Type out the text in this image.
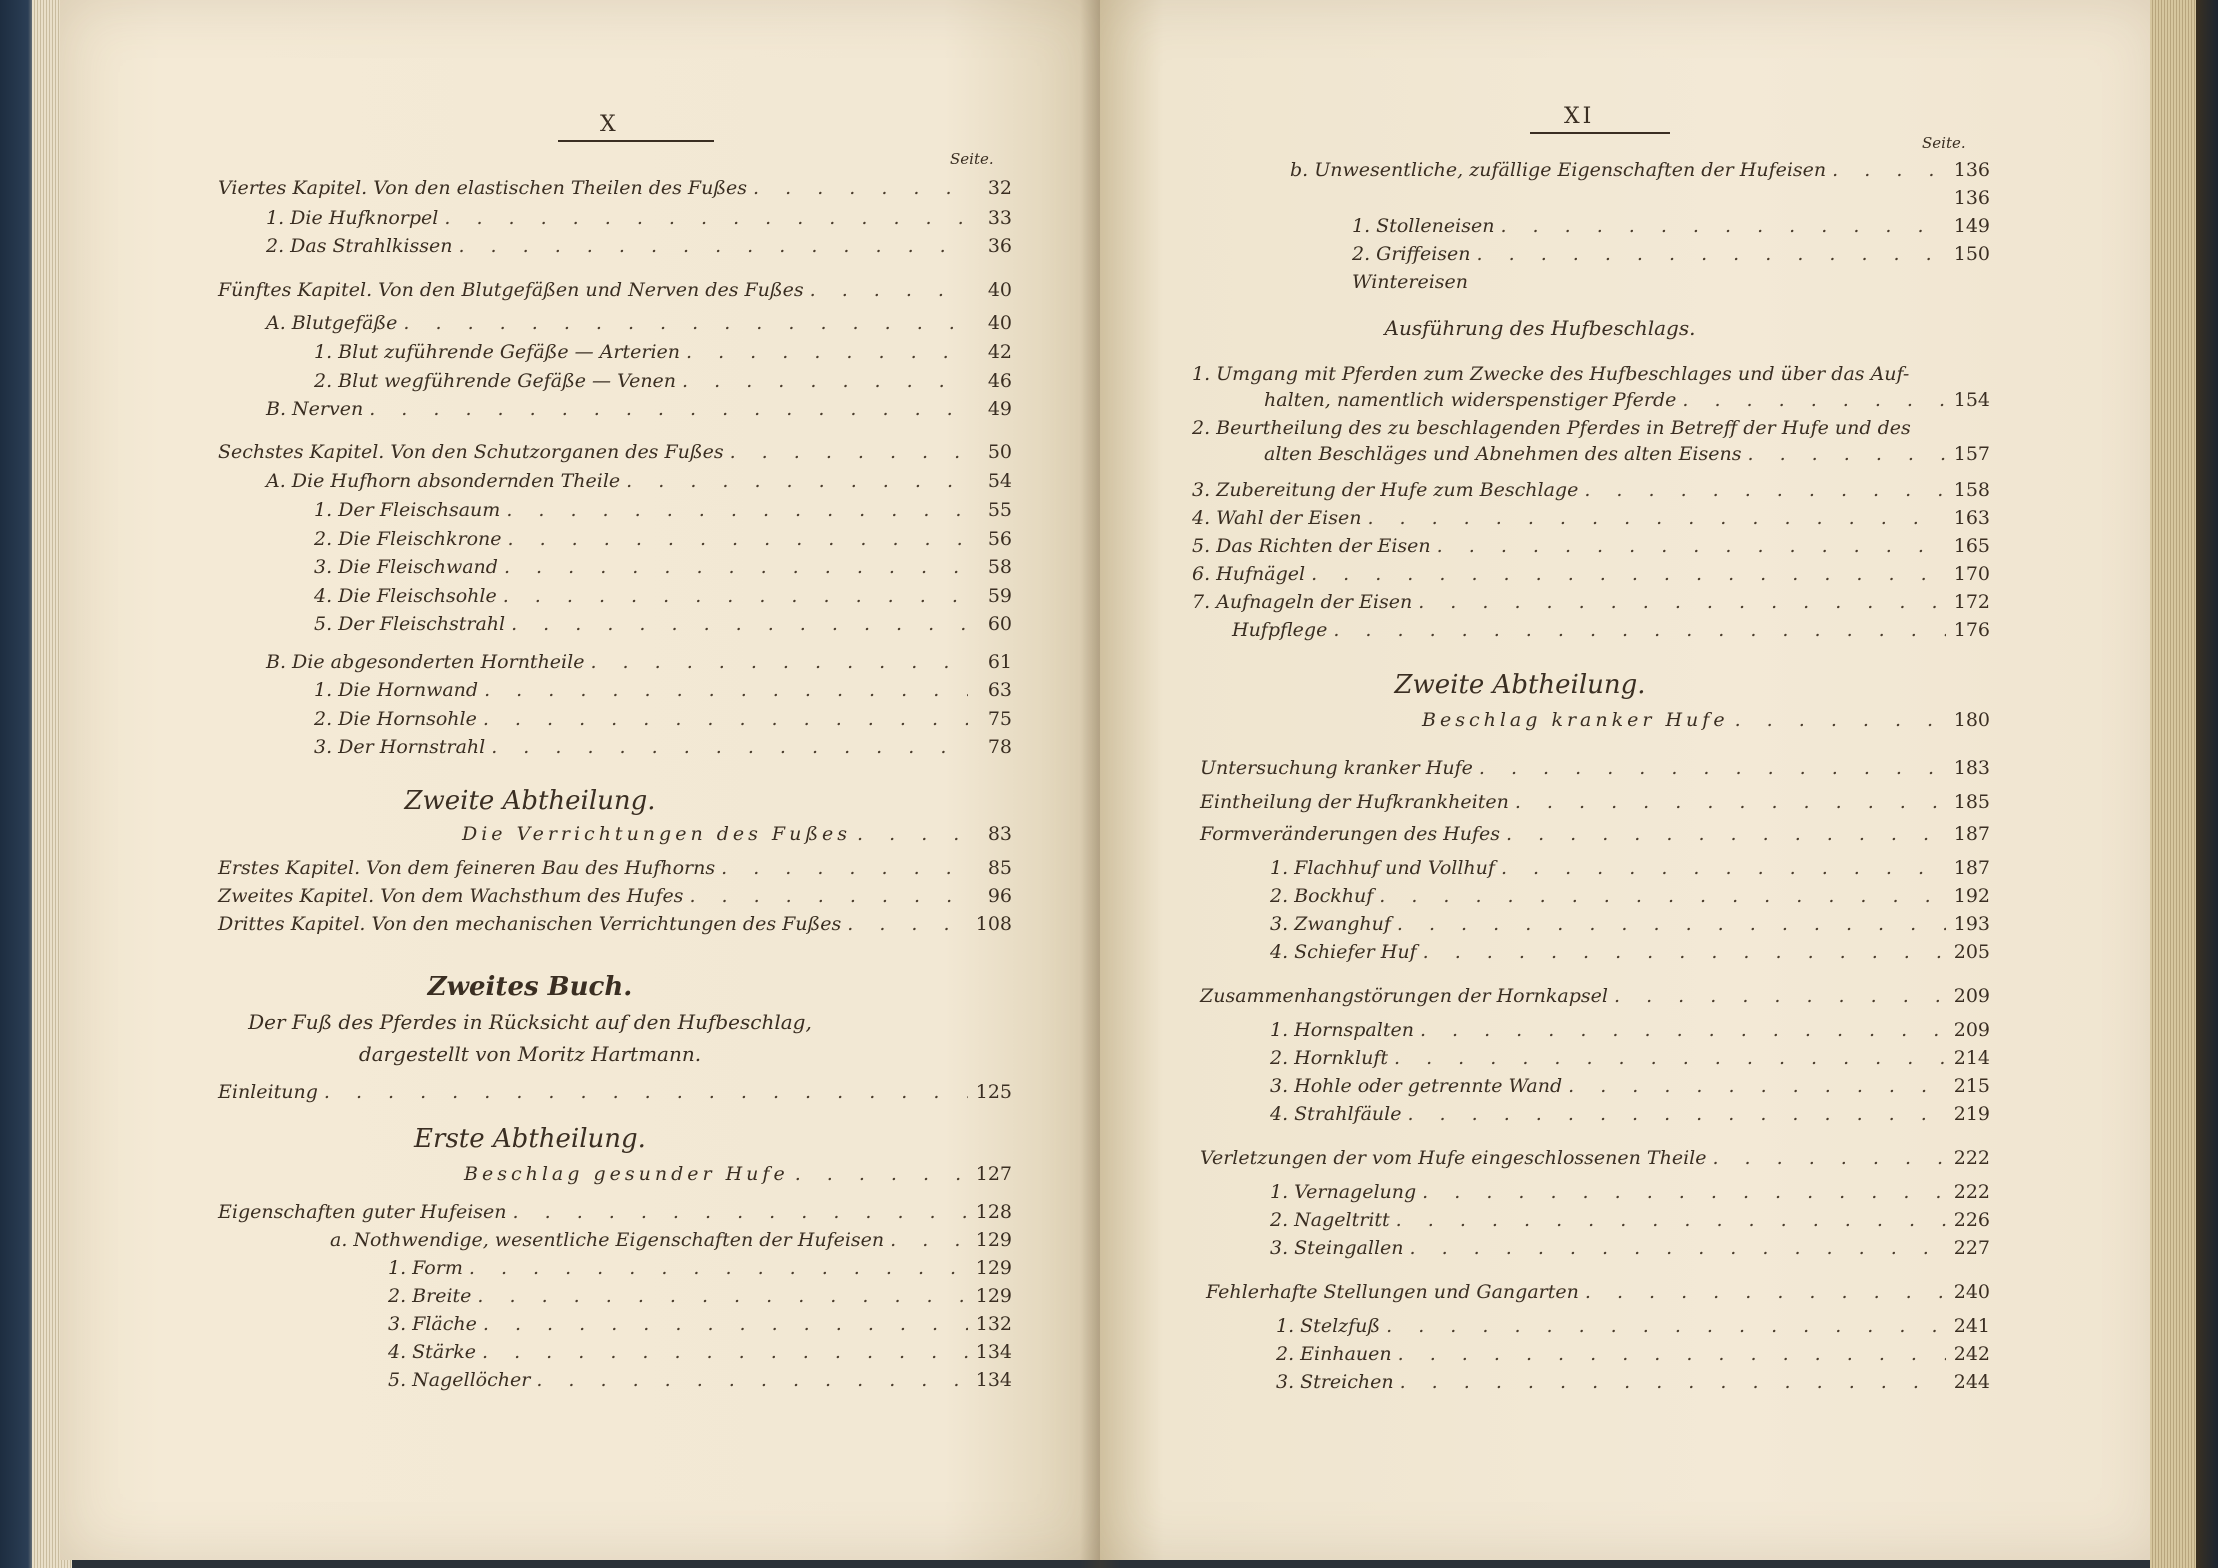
X
Seite.
Viertes Kapitel. Von den elastischen Theilen des Fußes . . .	32
1. Die Hufknorpel . . .	33
2. Das Strahlkissen . . .	36
Fünftes Kapitel. Von den Blutgefäßen und Nerven des Fußes . . .	40
A. Blutgefäße . . .	40
1. Blut zuführende Gefäße — Arterien . . .	42
2. Blut wegführende Gefäße — Venen . . .	46
B. Nerven . . .	49
Sechstes Kapitel. Von den Schutzorganen des Fußes . . .	50
A. Die Hufhorn absondernden Theile . . .	54
1. Der Fleischsaum . . .	55
2. Die Fleischkrone . . .	56
3. Die Fleischwand . . .	58
4. Die Fleischsohle . . .	59
5. Der Fleischstrahl . . .	60
B. Die abgesonderten Horntheile . . .	61
1. Die Hornwand . . .	63
2. Die Hornsohle . . .	75
3. Der Hornstrahl . . .	78
Zweite Abtheilung.
Die Verrichtungen des Fußes . . .	83
Erstes Kapitel. Von dem feineren Bau des Hufhorns . . .	85
Zweites Kapitel. Von dem Wachsthum des Hufes . . .	96
Drittes Kapitel. Von den mechanischen Verrichtungen des Fußes . . .	108
Zweites Buch.
Der Fuß des Pferdes in Rücksicht auf den Hufbeschlag,
dargestellt von Moritz Hartmann.
Einleitung . . .	125
Erste Abtheilung.
Beschlag gesunder Hufe . . .	127
Eigenschaften guter Hufeisen . . .	128
a. Nothwendige, wesentliche Eigenschaften der Hufeisen . . .	129
1. Form . . .	129
2. Breite . . .	129
3. Fläche . . .	132
4. Stärke . . .	134
5. Nagellöcher . . .	134
XI
Seite.
b. Unwesentliche, zufällige Eigenschaften der Hufeisen . . .	136
136
1. Stolleneisen . . .	149
2. Griffeisen . . .	150
Wintereisen
Ausführung des Hufbeschlags.
1. Umgang mit Pferden zum Zwecke des Hufbeschlages und über das Auf-
halten, namentlich widerspenstiger Pferde . . .	154
2. Beurtheilung des zu beschlagenden Pferdes in Betreff der Hufe und des
alten Beschläges und Abnehmen des alten Eisens . . .	157
3. Zubereitung der Hufe zum Beschlage . . .	158
4. Wahl der Eisen . . .	163
5. Das Richten der Eisen . . .	165
6. Hufnägel . . .	170
7. Aufnageln der Eisen . . .	172
Hufpflege . . .	176
Zweite Abtheilung.
Beschlag kranker Hufe . . .	180
Untersuchung kranker Hufe . . .	183
Eintheilung der Hufkrankheiten . . .	185
Formveränderungen des Hufes . . .	187
1. Flachhuf und Vollhuf . . .	187
2. Bockhuf . . .	192
3. Zwanghuf . . .	193
4. Schiefer Huf . . .	205
Zusammenhangstörungen der Hornkapsel . . .	209
1. Hornspalten . . .	209
2. Hornkluft . . .	214
3. Hohle oder getrennte Wand . . .	215
4. Strahlfäule . . .	219
Verletzungen der vom Hufe eingeschlossenen Theile . . .	222
1. Vernagelung . . .	222
2. Nageltritt . . .	226
3. Steingallen . . .	227
Fehlerhafte Stellungen und Gangarten . . .	240
1. Stelzfuß . . .	241
2. Einhauen . . .	242
3. Streichen . . .	244
